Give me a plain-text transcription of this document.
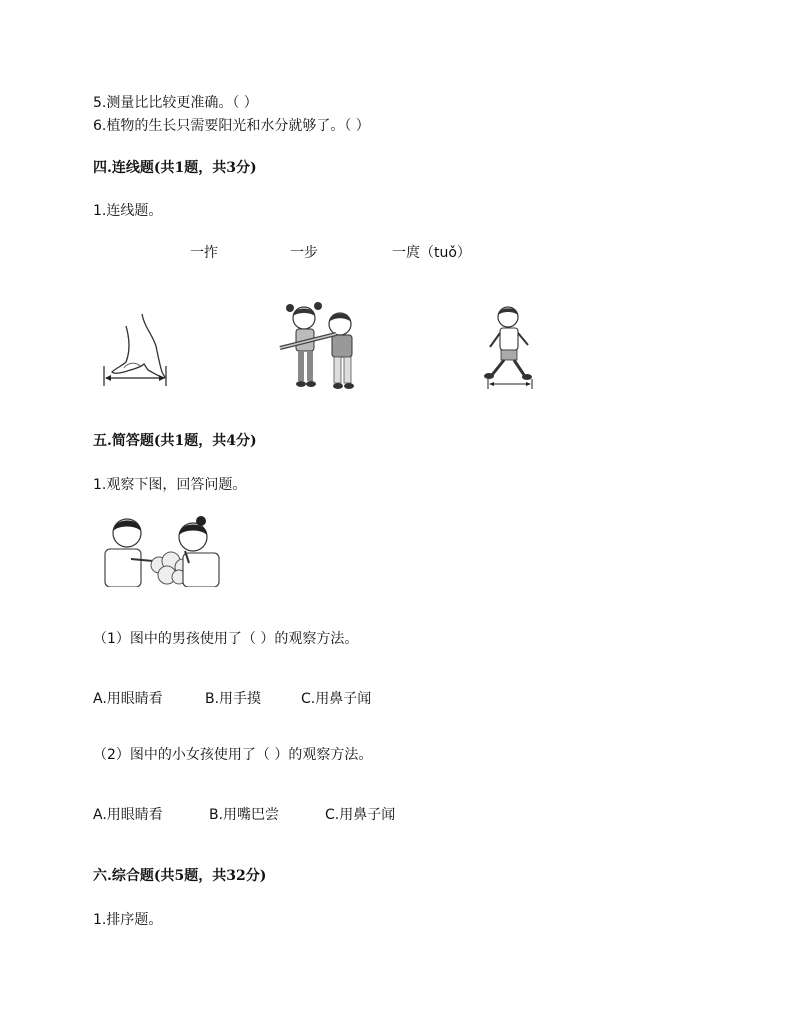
5.测量比比较更准确。（ ）
6.植物的生长只需要阳光和水分就够了。（ ）
四.连线题(共1题，共3分)
1.连线题。
一拃	一步	一庹（tuǒ）
五.简答题(共1题，共4分)
1.观察下图，回答问题。
（1）图中的男孩使用了（ ）的观察方法。
A.用眼睛看	B.用手摸	C.用鼻子闻
（2）图中的小女孩使用了（ ）的观察方法。
A.用眼睛看	B.用嘴巴尝	C.用鼻子闻
六.综合题(共5题，共32分)
1.排序题。
